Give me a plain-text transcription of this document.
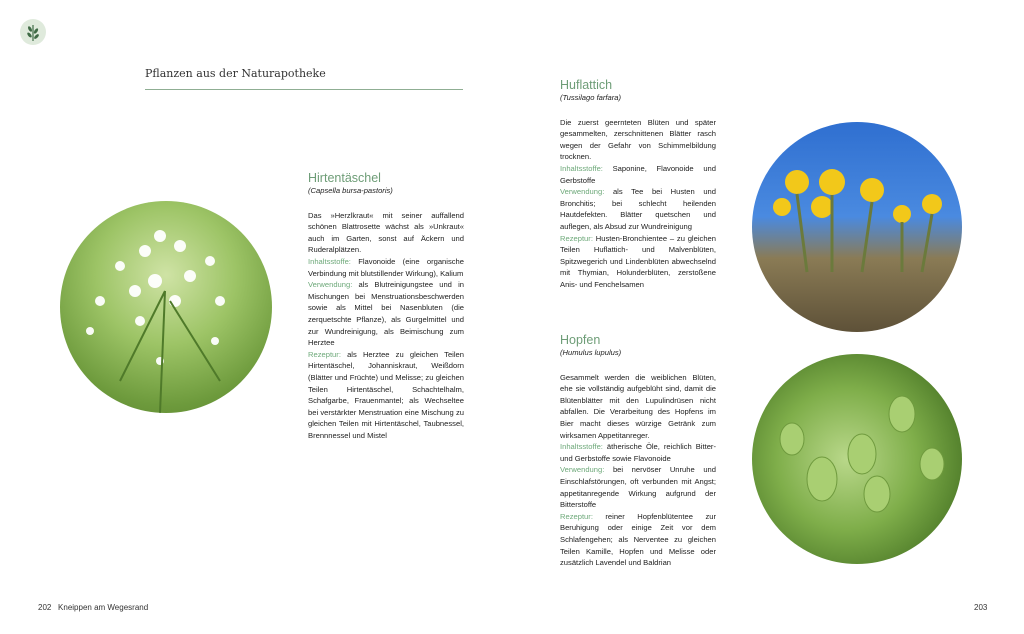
Pflanzen aus der Naturapotheke
Hirtentäschel
(Capsella bursa-pastoris)
Das »Herzlkraut« mit seiner auffallend schönen Blattrosette wächst als »Unkraut« auch im Garten, sonst auf Äckern und Ruderalplätzen.
Inhaltsstoffe: Flavonoide (eine organische Verbindung mit blutstillender Wirkung), Kalium
Verwendung: als Blutreinigungstee und in Mischungen bei Menstruationsbeschwerden sowie als Mittel bei Nasenbluten (die zerquetschte Pflanze), als Gurgelmittel und zur Wundreinigung, als Beimischung zum Herztee
Rezeptur: als Herztee zu gleichen Teilen Hirtentäschel, Johanniskraut, Weißdorn (Blätter und Früchte) und Melisse; zu gleichen Teilen Hirtentäschel, Schachtelhalm, Schafgarbe, Frauenmantel; als Wechseltee bei verstärkter Menstruation eine Mischung zu gleichen Teilen mit Hirtentäschel, Taubnessel, Brennnessel und Mistel
Huflattich
(Tussilago farfara)
Die zuerst geernteten Blüten und später gesammelten, zerschnittenen Blätter rasch wegen der Gefahr von Schimmelbildung trocknen.
Inhaltsstoffe: Saponine, Flavonoide und Gerbstoffe
Verwendung: als Tee bei Husten und Bronchitis; bei schlecht heilenden Hautdefekten. Blätter quetschen und auflegen, als Absud zur Wundreinigung
Rezeptur: Husten-Bronchientee – zu gleichen Teilen Huflattich- und Malvenblüten, Spitzwegerich und Lindenblüten abwechselnd mit Thymian, Holunderblüten, zerstoßene Anis- und Fenchelsamen
Hopfen
(Humulus lupulus)
Gesammelt werden die weiblichen Blüten, ehe sie vollständig aufgeblüht sind, damit die Blütenblätter mit den Lupulindrüsen nicht abfallen. Die Verarbeitung des Hopfens im Bier macht dieses würzige Getränk zum wirksamen Appetitanreger.
Inhaltsstoffe: ätherische Öle, reichlich Bitter- und Gerbstoffe sowie Flavonoide
Verwendung: bei nervöser Unruhe und Einschlafstörungen, oft verbunden mit Angst; appetitanregende Wirkung aufgrund der Bitterstoffe
Rezeptur: reiner Hopfenblütentee zur Beruhigung oder einige Zeit vor dem Schlafengehen; als Nerventee zu gleichen Teilen Kamille, Hopfen und Melisse oder zusätzlich Lavendel und Baldrian
202 Kneippen am Wegesrand	203
